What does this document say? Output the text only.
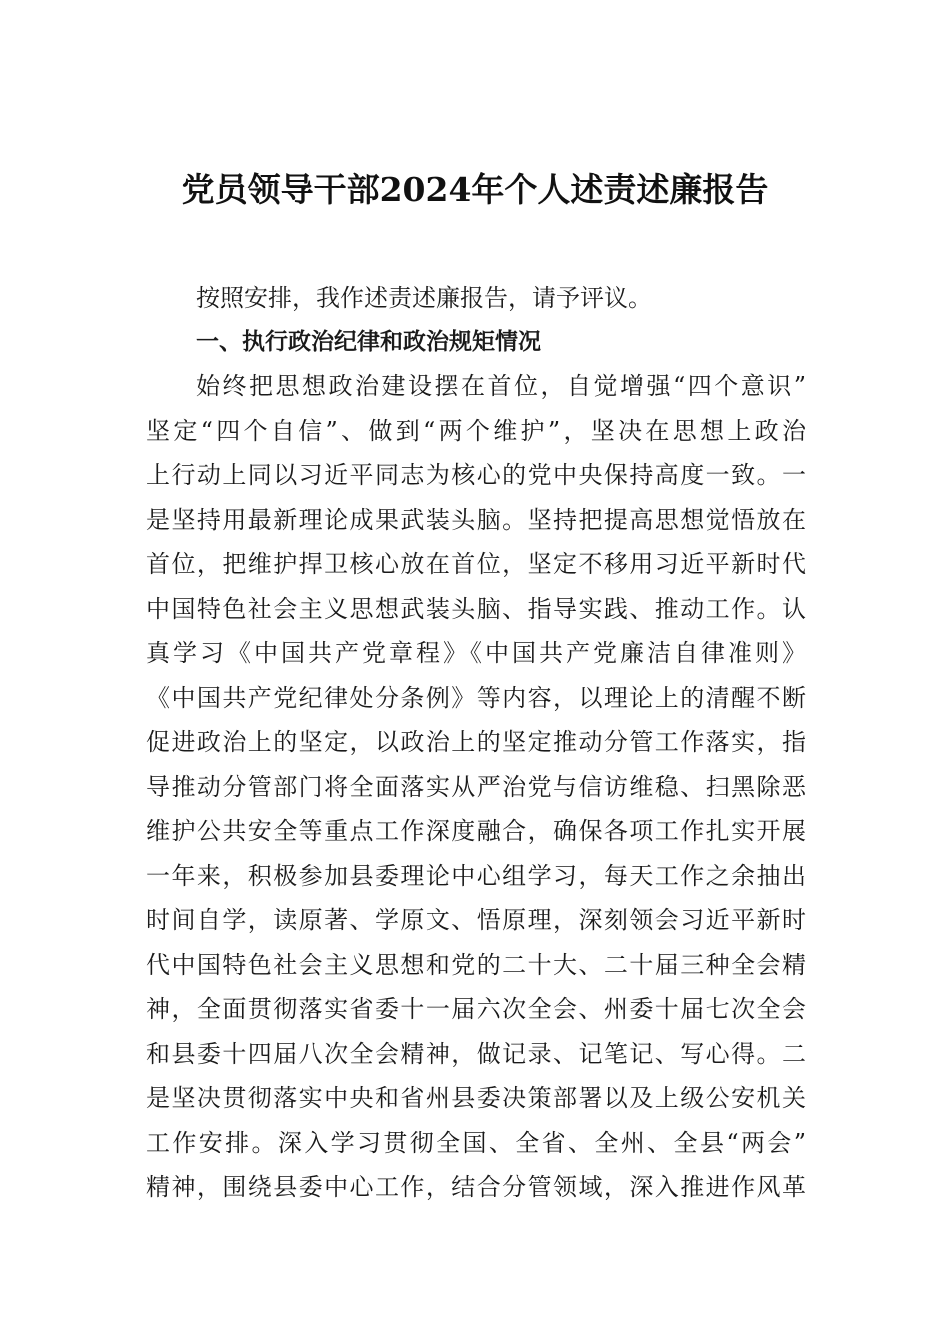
党员领导干部2024年个人述责述廉报告
按照安排，我作述责述廉报告，请予评议。
一、执行政治纪律和政治规矩情况
始终把思想政治建设摆在首位，自觉增强“四个意识”
坚定“四个自信”、做到“两个维护”，坚决在思想上政治
上行动上同以习近平同志为核心的党中央保持高度一致。一
是坚持用最新理论成果武装头脑。坚持把提高思想觉悟放在
首位，把维护捍卫核心放在首位，坚定不移用习近平新时代
中国特色社会主义思想武装头脑、指导实践、推动工作。认
真学习《中国共产党章程》《中国共产党廉洁自律准则》
《中国共产党纪律处分条例》等内容，以理论上的清醒不断
促进政治上的坚定，以政治上的坚定推动分管工作落实，指
导推动分管部门将全面落实从严治党与信访维稳、扫黑除恶
维护公共安全等重点工作深度融合，确保各项工作扎实开展
一年来，积极参加县委理论中心组学习，每天工作之余抽出
时间自学，读原著、学原文、悟原理，深刻领会习近平新时
代中国特色社会主义思想和党的二十大、二十届三种全会精
神，全面贯彻落实省委十一届六次全会、州委十届七次全会
和县委十四届八次全会精神，做记录、记笔记、写心得。二
是坚决贯彻落实中央和省州县委决策部署以及上级公安机关
工作安排。深入学习贯彻全国、全省、全州、全县“两会”
精神，围绕县委中心工作，结合分管领域，深入推进作风革
